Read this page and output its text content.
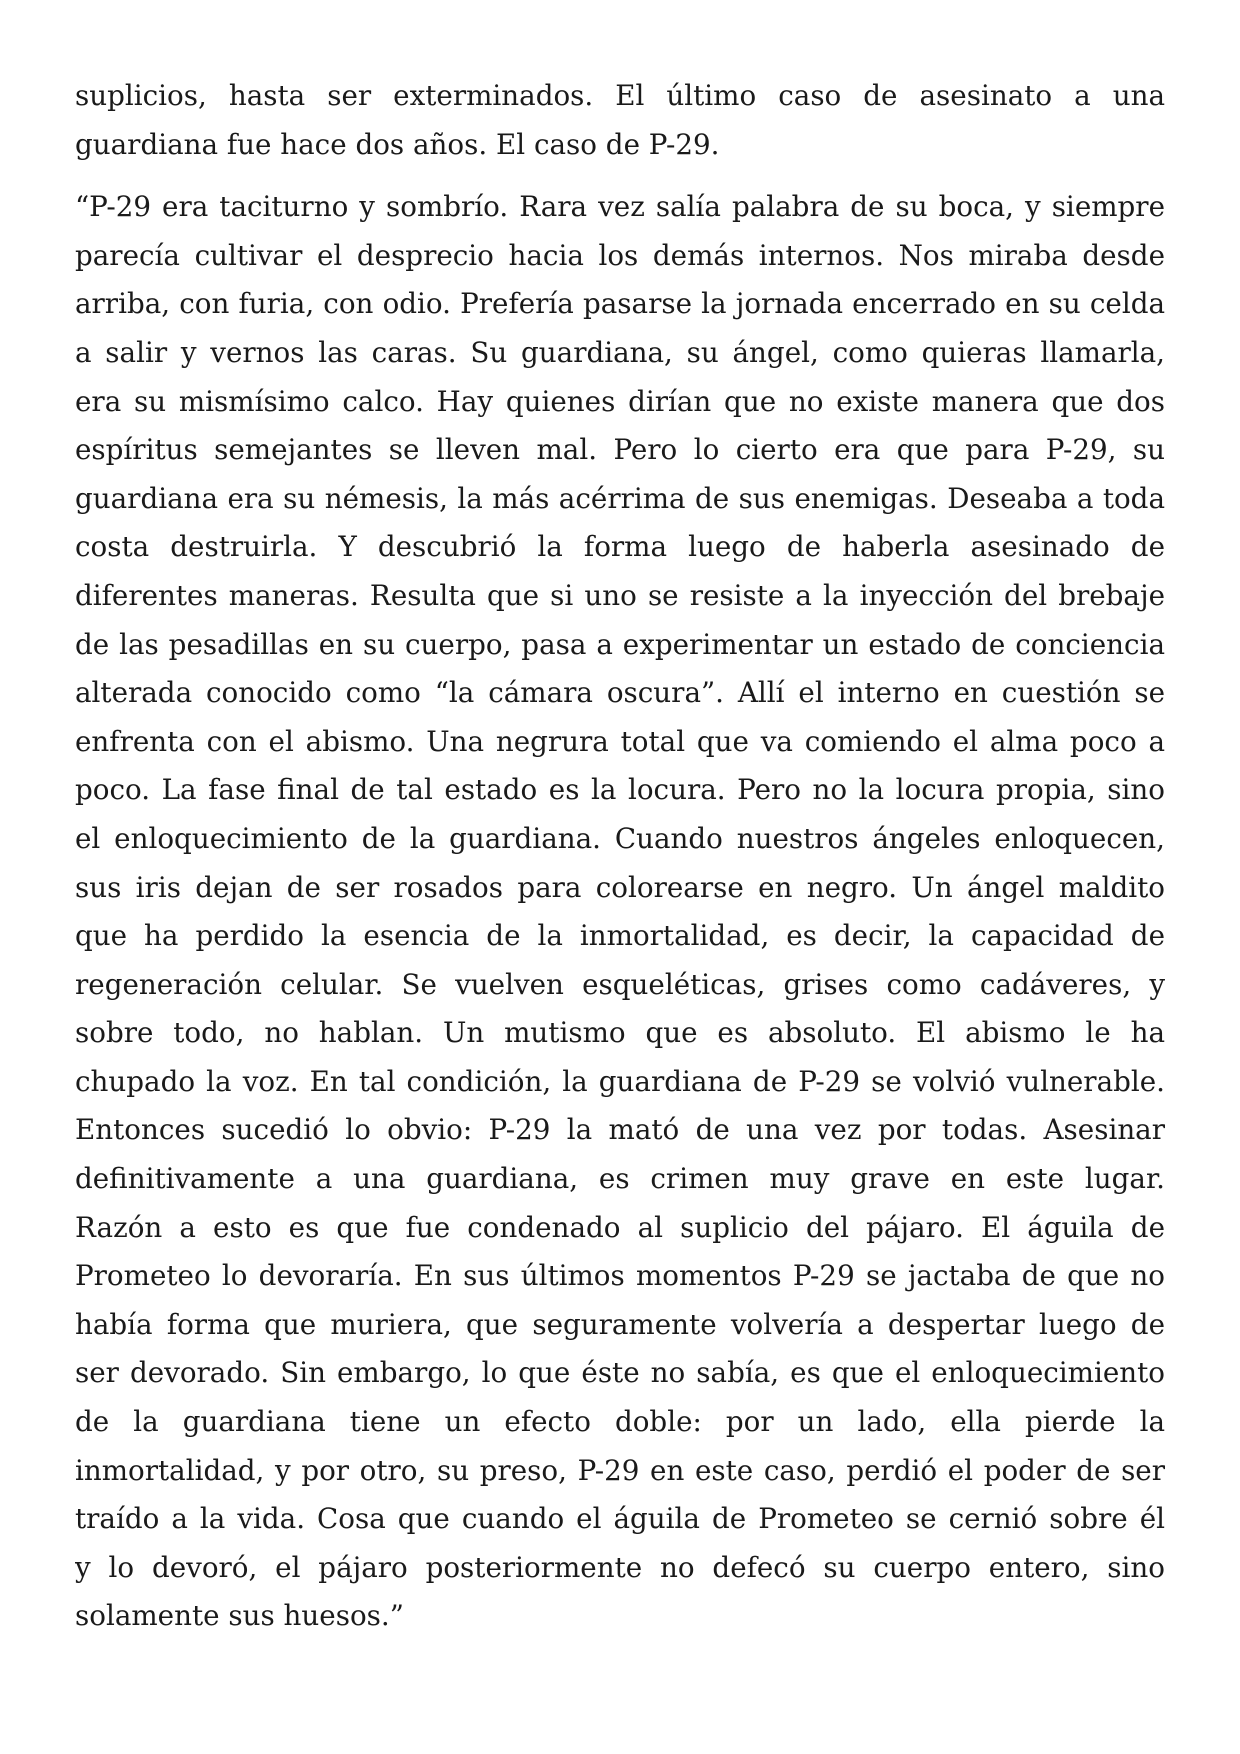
suplicios, hasta ser exterminados. El último caso de asesinato a una
guardiana fue hace dos años. El caso de P-29.

“P-29 era taciturno y sombrío. Rara vez salía palabra de su boca, y siempre
parecía cultivar el desprecio hacia los demás internos. Nos miraba desde
arriba, con furia, con odio. Prefería pasarse la jornada encerrado en su celda
a salir y vernos las caras. Su guardiana, su ángel, como quieras llamarla,
era su mismísimo calco. Hay quienes dirían que no existe manera que dos
espíritus semejantes se lleven mal. Pero lo cierto era que para P-29, su
guardiana era su némesis, la más acérrima de sus enemigas. Deseaba a toda
costa destruirla. Y descubrió la forma luego de haberla asesinado de
diferentes maneras. Resulta que si uno se resiste a la inyección del brebaje
de las pesadillas en su cuerpo, pasa a experimentar un estado de conciencia
alterada conocido como “la cámara oscura”. Allí el interno en cuestión se
enfrenta con el abismo. Una negrura total que va comiendo el alma poco a
poco. La fase final de tal estado es la locura. Pero no la locura propia, sino
el enloquecimiento de la guardiana. Cuando nuestros ángeles enloquecen,
sus iris dejan de ser rosados para colorearse en negro. Un ángel maldito
que ha perdido la esencia de la inmortalidad, es decir, la capacidad de
regeneración celular. Se vuelven esqueléticas, grises como cadáveres, y
sobre todo, no hablan. Un mutismo que es absoluto. El abismo le ha
chupado la voz. En tal condición, la guardiana de P-29 se volvió vulnerable.
Entonces sucedió lo obvio: P-29 la mató de una vez por todas. Asesinar
definitivamente a una guardiana, es crimen muy grave en este lugar.
Razón a esto es que fue condenado al suplicio del pájaro. El águila de
Prometeo lo devoraría. En sus últimos momentos P-29 se jactaba de que no
había forma que muriera, que seguramente volvería a despertar luego de
ser devorado. Sin embargo, lo que éste no sabía, es que el enloquecimiento
de la guardiana tiene un efecto doble: por un lado, ella pierde la
inmortalidad, y por otro, su preso, P-29 en este caso, perdió el poder de ser
traído a la vida. Cosa que cuando el águila de Prometeo se cernió sobre él
y lo devoró, el pájaro posteriormente no defecó su cuerpo entero, sino
solamente sus huesos.”
